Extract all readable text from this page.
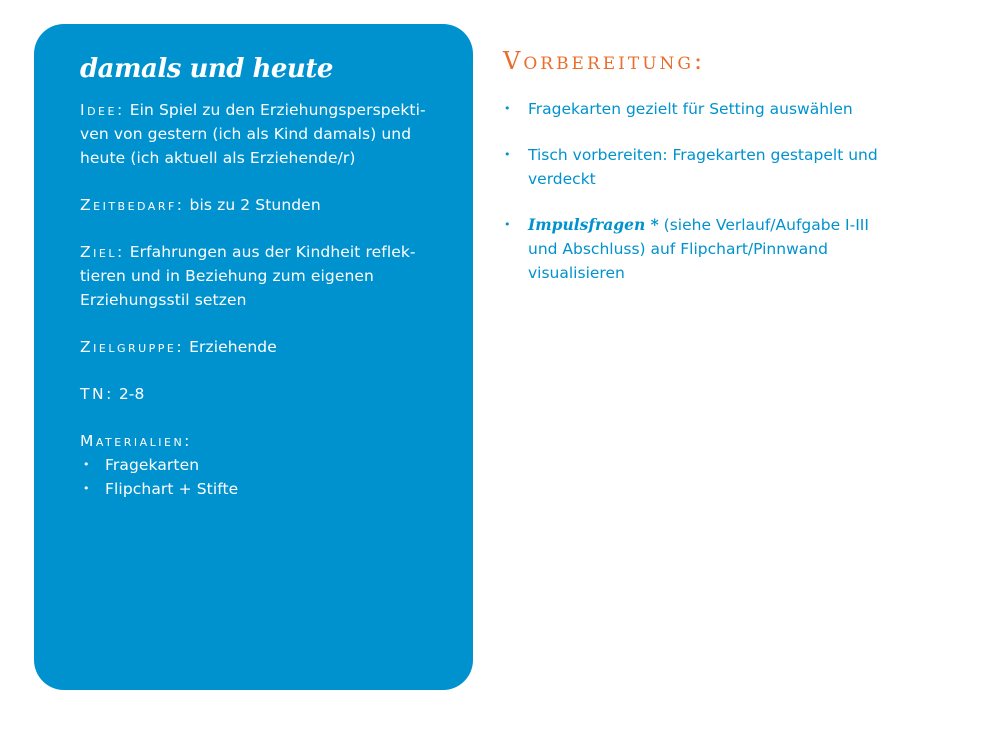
damals und heute

Idee: Ein Spiel zu den Erziehungsperspekti-ven von gestern (ich als Kind damals) und heute (ich aktuell als Erziehende/r)

Zeitbedarf: bis zu 2 Stunden

Ziel: Erfahrungen aus der Kindheit reflek-tieren und in Beziehung zum eigenen Erziehungsstil setzen

Zielgruppe: Erziehende

TN: 2-8

Materialien:
• Fragekarten
• Flipchart + Stifte
Vorbereitung:
• Fragekarten gezielt für Setting auswählen
• Tisch vorbereiten: Fragekarten gestapelt und verdeckt
• Impulsfragen * (siehe Verlauf/Aufgabe I-III und Abschluss) auf Flipchart/Pinnwand visualisieren
